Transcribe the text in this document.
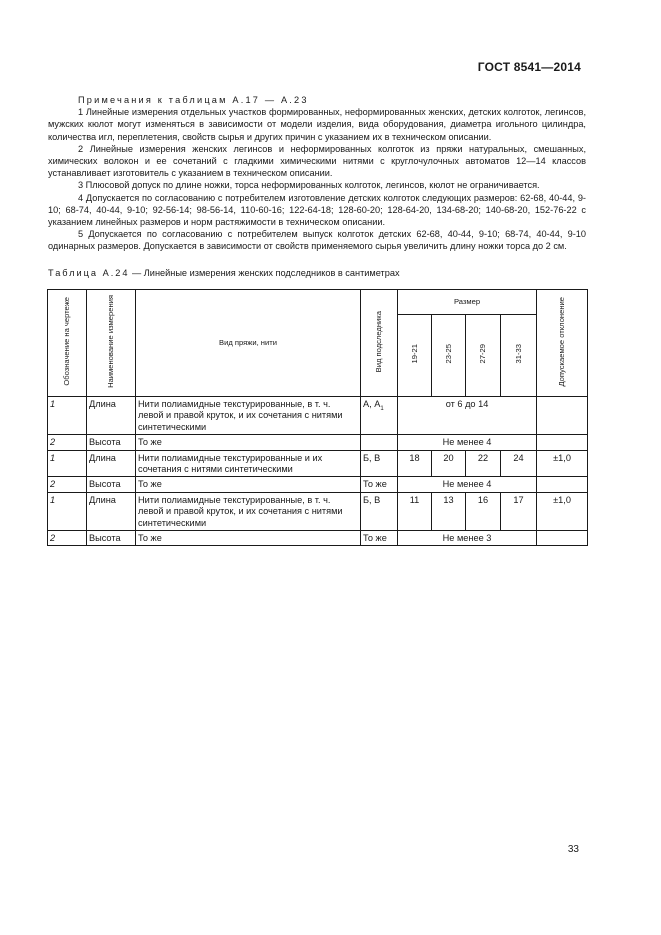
ГОСТ 8541—2014
Примечания к таблицам А.17 — А.23

1 Линейные измерения отдельных участков формированных, неформированных женских, детских колготок, легинсов, мужских кюлот могут изменяться в зависимости от модели изделия, вида оборудования, диаметра игольного цилиндра, количества игл, переплетения, свойств сырья и других причин с указанием их в техническом описании.

2 Линейные измерения женских легинсов и неформированных колготок из пряжи натуральных, смешанных, химических волокон и ее сочетаний с гладкими химическими нитями с круглочулочных автоматов 12—14 классов устанавливает изготовитель с указанием в техническом описании.

3 Плюсовой допуск по длине ножки, торса неформированных колготок, легинсов, кюлот не ограничивается.

4 Допускается по согласованию с потребителем изготовление детских колготок следующих размеров: 62-68, 40-44, 9-10; 68-74, 40-44, 9-10; 92-56-14; 98-56-14, 110-60-16; 122-64-18; 128-60-20; 128-64-20, 134-68-20; 140-68-20, 152-76-22 с указанием линейных размеров и норм растяжимости в техническом описании.

5 Допускается по согласованию с потребителем выпуск колготок детских 62-68, 40-44, 9-10; 68-74, 40-44, 9-10 одинарных размеров. Допускается в зависимости от свойств применяемого сырья увеличить длину ножки торса до 2 см.

Таблица А.24 — Линейные измерения женских подследников в сантиметрах
Обозначение на чертеже	Наименование измерения	Вид пряжи, нити	Вид подследника	Размер				Допускаемое отклонение
				19-21	23-25	27-29	31-33	
1	Длина	Нити полиамидные текстурированные, в т. ч. левой и правой круток, и их сочетания с нитями синтетическими	А, $А_1$	от 6 до 14				
2	Высота	То же		Не менее 4				
1	Длина	Нити полиамидные текстурированные и их сочетания с нитями синтетическими	Б, В	18	20	22	24	±1,0
2	Высота	То же	То же	Не менее 4				
1	Длина	Нити полиамидные текстурированные, в т. ч. левой и правой круток, и их сочетания с нитями синтетическими	Б, В	11	13	16	17	±1,0
2	Высота	То же	То же	Не менее 3				
33
